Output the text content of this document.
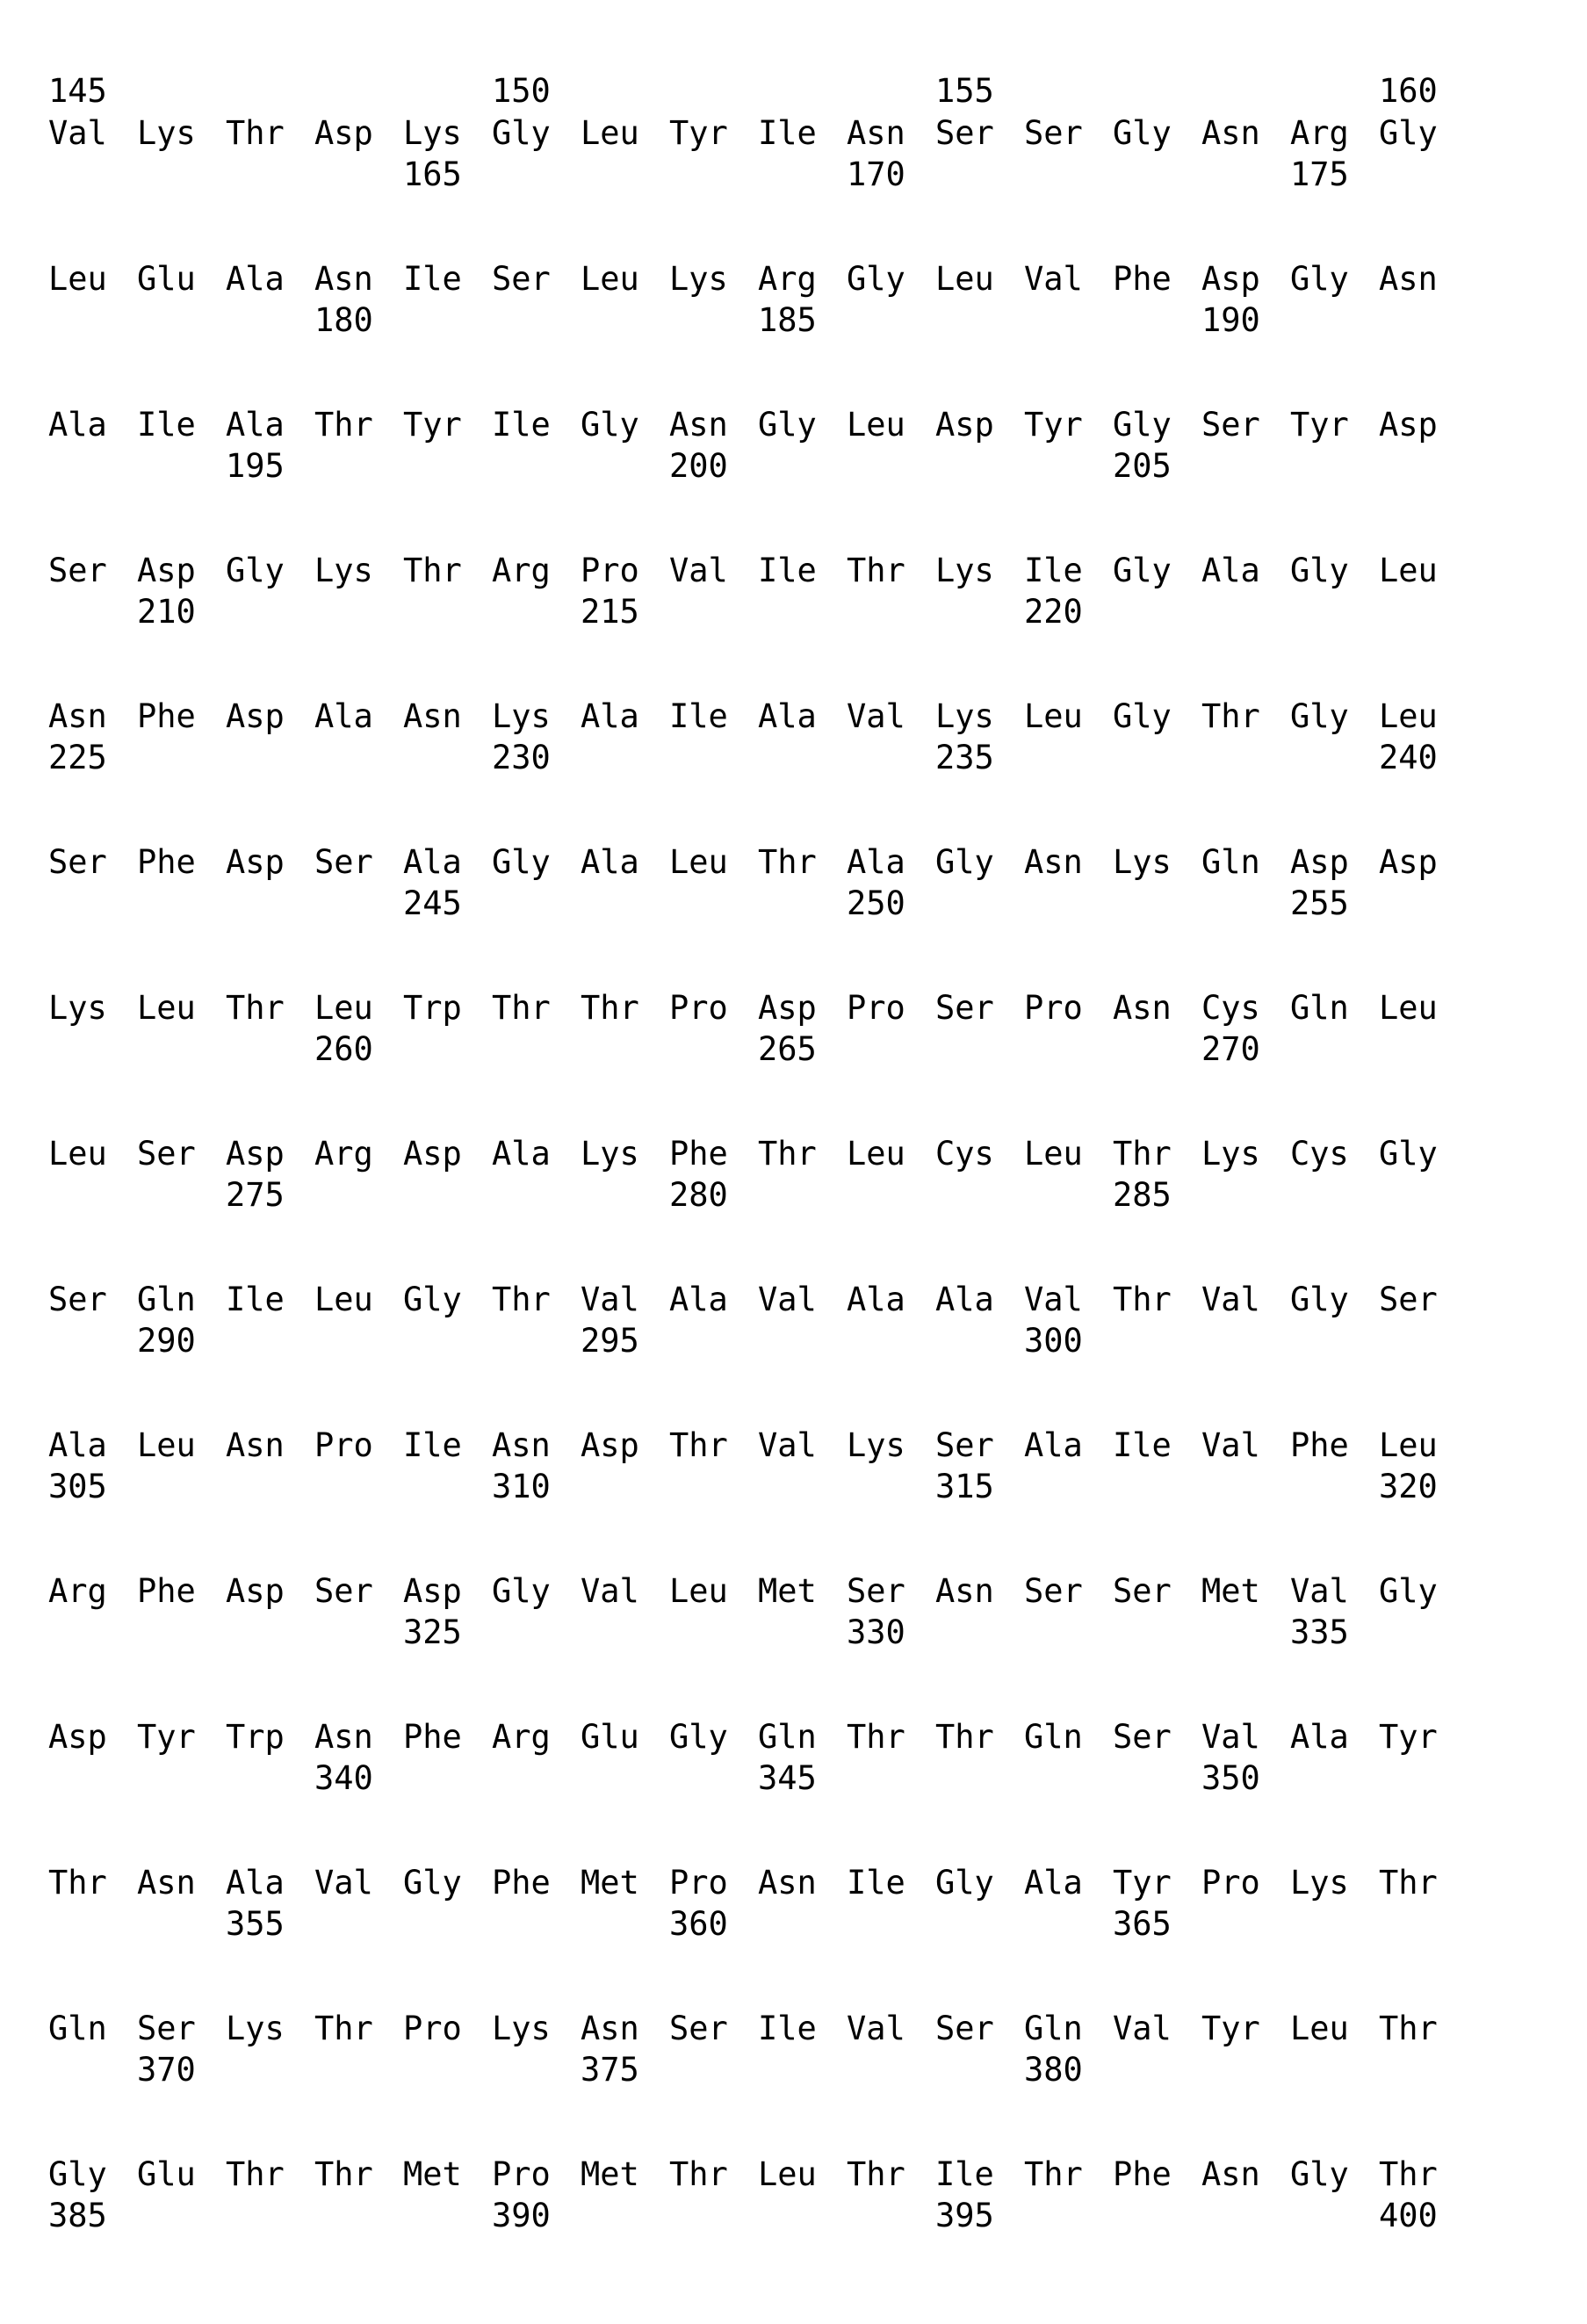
145	150	155	160
Val Lys Thr Asp Lys Gly Leu Tyr Ile Asn Ser Ser Gly Asn Arg Gly
165	170	175
Leu Glu Ala Asn Ile Ser Leu Lys Arg Gly Leu Val Phe Asp Gly Asn
180	185	190
Ala Ile Ala Thr Tyr Ile Gly Asn Gly Leu Asp Tyr Gly Ser Tyr Asp
195	200	205
Ser Asp Gly Lys Thr Arg Pro Val Ile Thr Lys Ile Gly Ala Gly Leu
210	215	220
Asn Phe Asp Ala Asn Lys Ala Ile Ala Val Lys Leu Gly Thr Gly Leu
225	230	235	240
Ser Phe Asp Ser Ala Gly Ala Leu Thr Ala Gly Asn Lys Gln Asp Asp
245	250	255
Lys Leu Thr Leu Trp Thr Thr Pro Asp Pro Ser Pro Asn Cys Gln Leu
260	265	270
Leu Ser Asp Arg Asp Ala Lys Phe Thr Leu Cys Leu Thr Lys Cys Gly
275	280	285
Ser Gln Ile Leu Gly Thr Val Ala Val Ala Ala Val Thr Val Gly Ser
290	295	300
Ala Leu Asn Pro Ile Asn Asp Thr Val Lys Ser Ala Ile Val Phe Leu
305	310	315	320
Arg Phe Asp Ser Asp Gly Val Leu Met Ser Asn Ser Ser Met Val Gly
325	330	335
Asp Tyr Trp Asn Phe Arg Glu Gly Gln Thr Thr Gln Ser Val Ala Tyr
340	345	350
Thr Asn Ala Val Gly Phe Met Pro Asn Ile Gly Ala Tyr Pro Lys Thr
355	360	365
Gln Ser Lys Thr Pro Lys Asn Ser Ile Val Ser Gln Val Tyr Leu Thr
370	375	380
Gly Glu Thr Thr Met Pro Met Thr Leu Thr Ile Thr Phe Asn Gly Thr
385	390	395	400
